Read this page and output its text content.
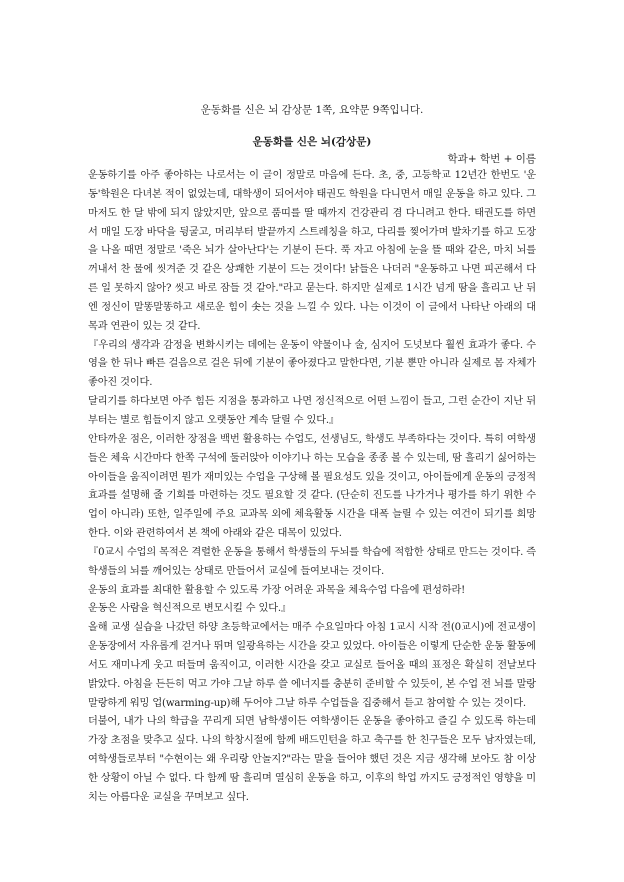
운동화를 신은 뇌 감상문 1쪽, 요약문 9쪽입니다.
운동화를 신은 뇌(감상문)
학과+ 학번 + 이름

운동하기를 아주 좋아하는 나로서는 이 글이 정말로 마음에 든다. 초, 중, 고등학교 12년간 한번도 '운동'학원은 다녀본 적이 없었는데, 대학생이 되어서야 태권도 학원을 다니면서 매일 운동을 하고 있다. 그마저도 한 달 밖에 되지 않았지만, 앞으로 품띠를 딸 때까지 건강관리 겸 다니려고 한다. 태권도를 하면서 매일 도장 바닥을 뒹굴고, 머리부터 발끝까지 스트레칭을 하고, 다리를 찢어가며 발차기를 하고 도장을 나올 때면 정말로 '죽은 뇌가 살아난다'는 기분이 든다. 푹 자고 아침에 눈을 뜰 때와 같은, 마치 뇌를 꺼내서 찬 물에 씻겨준 것 같은 상쾌한 기분이 드는 것이다! 낡들은 나더러 "운동하고 나면 피곤해서 다른 일 못하지 않아? 씻고 바로 잠들 것 같아."라고 묻는다. 하지만 실제로 1시간 넘게 땀을 흘리고 난 뒤엔 정신이 말똥말똥하고 새로운 힘이 솟는 것을 느낄 수 있다. 나는 이것이 이 글에서 나타난 아래의 대목과 연관이 있는 것 같다.

『우리의 생각과 감정을 변화시키는 데에는 운동이 약물이나 술, 심지어 도넛보다 훨씬 효과가 좋다. 수영을 한 뒤나 빠른 걸음으로 걸은 뒤에 기분이 좋아졌다고 말한다면, 기분 뿐만 아니라 실제로 몸 자체가 좋아진 것이다.

달리기를 하다보면 아주 힘든 지점을 통과하고 나면 정신적으로 어떤 느낌이 들고, 그런 순간이 지난 뒤부터는 별로 힘들이지 않고 오랫동안 계속 달릴 수 있다.』

안타까운 점은, 이러한 장점을 백번 활용하는 수업도, 선생님도, 학생도 부족하다는 것이다. 특히 여학생들은 체육 시간마다 한쪽 구석에 둘러앉아 이야기나 하는 모습을 종종 볼 수 있는데, 땀 흘리기 싫어하는 아이들을 움직이려면 뭔가 재미있는 수업을 구상해 볼 필요성도 있을 것이고, 아이들에게 운동의 긍정적 효과를 설명해 줄 기회를 마련하는 것도 필요할 것 같다. (단순히 진도를 나가거나 평가를 하기 위한 수업이 아니라) 또한, 일주일에 주요 교과목 외에 체육활동 시간을 대폭 늘릴 수 있는 여건이 되기를 희망한다. 이와 관련하여서 본 책에 아래와 같은 대목이 있었다.

『0교시 수업의 목적은 격렬한 운동을 통해서 학생들의 두뇌를 학습에 적합한 상태로 만드는 것이다. 즉 학생들의 뇌를 깨어있는 상태로 만들어서 교실에 들여보내는 것이다.

운동의 효과를 최대한 활용할 수 있도록 가장 어려운 과목을 체육수업 다음에 편성하라!

운동은 사람을 혁신적으로 변모시킬 수 있다.』

올해 교생 실습을 나갔던 하양 초등학교에서는 매주 수요일마다 아침 1교시 시작 전(0교시)에 전교생이 운동장에서 자유롭게 걷거나 뛰며 일광욕하는 시간을 갖고 있었다. 아이들은 이렇게 단순한 운동 활동에서도 재미나게 웃고 떠들며 움직이고, 이러한 시간을 갖고 교실로 들어올 때의 표정은 확실히 전날보다 밝았다. 아침을 든든히 먹고 가야 그날 하루 쓸 에너지를 충분히 준비할 수 있듯이, 본 수업 전 뇌를 말랑말랑하게 워밍 업(warming-up)해 두어야 그날 하루 수업들을 집중해서 듣고 참여할 수 있는 것이다.

더불어, 내가 나의 학급을 꾸리게 되면 남학생이든 여학생이든 운동을 좋아하고 즐길 수 있도록 하는데 가장 초점을 맞추고 싶다. 나의 학창시절에 함께 배드민턴을 하고 축구를 한 친구들은 모두 남자였는데, 여학생들로부터 "수현이는 왜 우리랑 안놀지?"라는 말을 들어야 했던 것은 지금 생각해 보아도 참 이상한 상황이 아닐 수 없다. 다 함께 땀 흘리며 열심히 운동을 하고, 이후의 학업 까지도 긍정적인 영향을 미치는 아름다운 교실을 꾸며보고 싶다.
